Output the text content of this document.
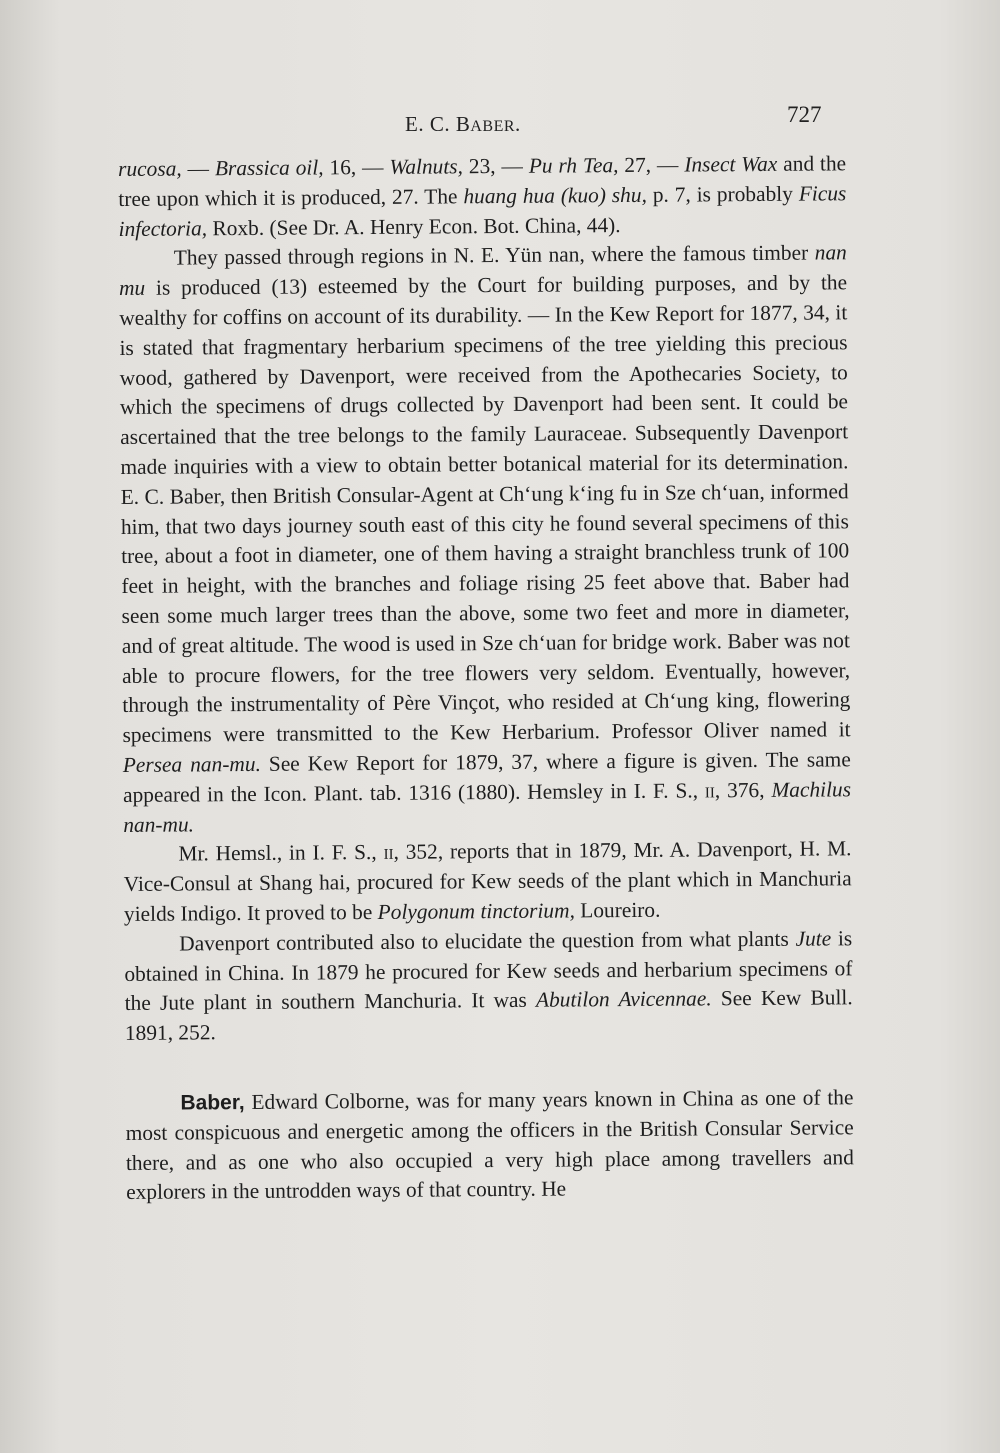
E. C. BABER.	727

rucosa, — Brassica oil, 16, — Walnuts, 23, — Pu rh Tea, 27, — Insect Wax and the tree upon which it is produced, 27. The huang hua (kuo) shu, p. 7, is probably Ficus infectoria, Roxb. (See Dr. A. Henry Econ. Bot. China, 44).

They passed through regions in N. E. Yün nan, where the famous timber nan mu is produced (13) esteemed by the Court for building purposes, and by the wealthy for coffins on account of its durability. — In the Kew Report for 1877, 34, it is stated that fragmentary herbarium specimens of the tree yielding this precious wood, gathered by Davenport, were received from the Apothecaries Society, to which the specimens of drugs collected by Davenport had been sent. It could be ascertained that the tree belongs to the family Lauraceae. Subsequently Davenport made inquiries with a view to obtain better botanical material for its determination. E. C. Baber, then British Consular-Agent at Chʻung kʻing fu in Sze chʻuan, informed him, that two days journey south east of this city he found several specimens of this tree, about a foot in diameter, one of them having a straight branchless trunk of 100 feet in height, with the branches and foliage rising 25 feet above that. Baber had seen some much larger trees than the above, some two feet and more in diameter, and of great altitude. The wood is used in Sze chʻuan for bridge work. Baber was not able to procure flowers, for the tree flowers very seldom. Eventually, however, through the instrumentality of Père Vinçot, who resided at Chʻung king, flowering specimens were transmitted to the Kew Herbarium. Professor Oliver named it Persea nan-mu. See Kew Report for 1879, 37, where a figure is given. The same appeared in the Icon. Plant. tab. 1316 (1880). Hemsley in I. F. S., ii, 376, Machilus nan-mu.

Mr. Hemsl., in I. F. S., ii, 352, reports that in 1879, Mr. A. Davenport, H. M. Vice-Consul at Shang hai, procured for Kew seeds of the plant which in Manchuria yields Indigo. It proved to be Polygonum tinctorium, Loureiro.

Davenport contributed also to elucidate the question from what plants Jute is obtained in China. In 1879 he procured for Kew seeds and herbarium specimens of the Jute plant in southern Manchuria. It was Abutilon Avicennae. See Kew Bull. 1891, 252.

Baber, Edward Colborne, was for many years known in China as one of the most conspicuous and energetic among the officers in the British Consular Service there, and as one who also occupied a very high place among travellers and explorers in the untrodden ways of that country. He
